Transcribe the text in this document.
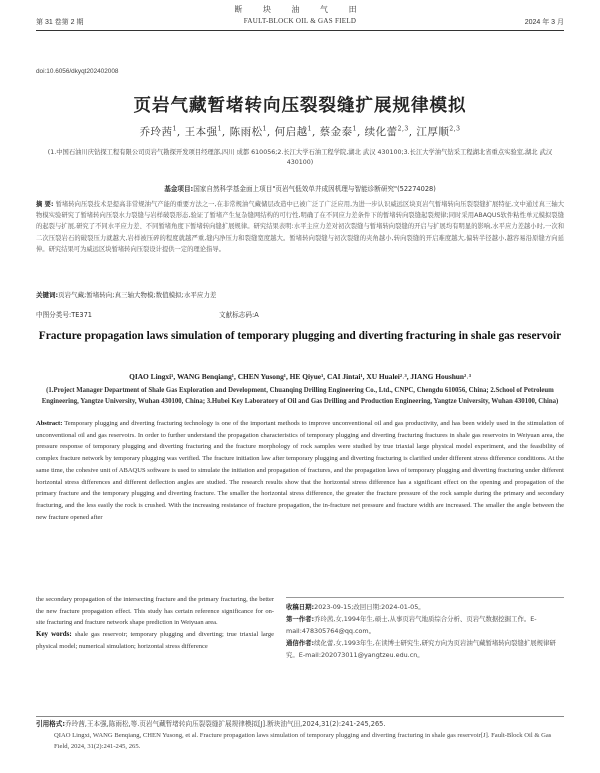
断 块 油 气 田
第 31 卷第 2 期	FAULT-BLOCK OIL & GAS FIELD	2024 年 3 月
doi:10.6056/dkyqt202402008
页岩气藏暂堵转向压裂裂缝扩展规律模拟
乔玲茜$^1$, 王本强$^1$, 陈雨松$^1$, 何启越$^1$, 蔡金泰$^1$, 续化蕾$^{2,3}$, 江厚顺$^{2,3}$
(1.中国石油川庆钻探工程有限公司页岩气勘探开发项目经理部,四川 成都 610056;2.长江大学石油工程学院,湖北 武汉 430100;3.长江大学油气钻采工程湖北省重点实验室,湖北 武汉 430100)
基金项目:国家自然科学基金面上项目"页岩气低效单井成因机理与智能诊断研究"(52274028)
摘 要: 暂堵转向压裂技术是提高非常规油气产能的重要方法之一,在非常规油气藏储层改造中已被广泛了广泛应用,为进一步认识威远区块页岩气暂堵转向压裂裂缝扩展特征,文中通过真三轴大物模实验研究了暂堵转向压裂水力裂缝与岩样破裂形态,验证了暂堵产生复杂缝网结构的可行性,明确了在不同应力差条件下的暂堵转向裂缝起裂规律;同时采用ABAQUS软件粘性单元模拟裂缝的起裂与扩展,研究了不同水平应力差、不同暂堵角度下暂堵转向缝扩展规律。研究结果表明:水平主应力差对初次裂缝与暂堵转向裂缝的开启与扩展均有明显的影响,水平应力差越小时,一次和二次压裂岩石的破裂压力就越大,岩样被压碎的程度就越严重,缝内净压力和裂缝宽度越大。暂堵转向裂缝与初次裂缝的夹角越小,转向裂缝的开启难度越大,偏转半径越小,越容易沿原缝方向延伸。研究结果可为威远区块暂堵转向压裂设计提供一定的理论指导。
关键词:页岩气藏;暂堵转向;真三轴大物模;数值模拟;水平应力差
中图分类号:TE371	文献标志码:A
Fracture propagation laws simulation of temporary plugging and diverting fracturing in shale gas reservoir
QIAO Lingxi¹, WANG Benqiang¹, CHEN Yusong¹, HE Qiyue¹, CAI Jintai¹, XU Hualei²˒³, JIANG Houshun²˒³
(1.Project Manager Department of Shale Gas Exploration and Development, Chuanqing Drilling Engineering Co., Ltd., CNPC, Chengdu 610056, China; 2.School of Petroleum Engineering, Yangtze University, Wuhan 430100, China; 3.Hubei Key Laboratory of Oil and Gas Drilling and Production Engineering, Yangtze University, Wuhan 430100, China)
Abstract: Temporary plugging and diverting fracturing technology is one of the important methods to improve unconventional oil and gas productivity, and has been widely used in the stimulation of unconventional oil and gas reservoirs. In order to further understand the propagation characteristics of temporary plugging and diverting fracturing fractures in shale gas reservoirs in Weiyuan area, the pressure response of temporary plugging and diverting fracturing and the fracture morphology of rock samples were studied by true triaxial large physical model experiment, and the feasibility of complex fracture network by temporary plugging was verified. The fracture initiation law after temporary plugging and diverting fracturing is clarified under different stress difference conditions. At the same time, the cohesive unit of ABAQUS software is used to simulate the initiation and propagation of fractures, and the propagation laws of temporary plugging and diverting fracturing under different horizontal stress differences and different deflection angles are studied. The research results show that the horizontal stress difference has a significant effect on the opening and propagation of the primary fracture and the temporary plugging and diverting fracture. The smaller the horizontal stress difference, the greater the fracture pressure of the rock sample during the primary and secondary fracturing, and the less easily the rock is crushed. With the increasing resistance of fracture propagation, the in-fracture net pressure and fracture width are increased. The smaller the angle between the new fracture opened after
the secondary propagation of the intersecting fracture and the primary fracturing, the better the new fracture propagation effect. This study has certain reference significance for on-site fracturing and fracture network shape prediction in Weiyuan area.
Key words: shale gas reservoir; temporary plugging and diverting; true triaxial large physical model; numerical simulation; horizontal stress difference
收稿日期:2023-09-15;改回日期:2024-01-05。
第一作者:乔玲茜,女,1994年生,硕士,从事页岩气地质综合分析、页岩气数据挖掘工作。E-mail:478305764@qq.com。
通信作者:续化蕾,女,1993年生,在读博士研究生,研究方向为页岩油气藏暂堵转向裂缝扩展规律研究。E-mail:202073011@yangtzeu.edu.cn。
引用格式:乔玲茜,王本强,陈雨松,等.页岩气藏暂堵转向压裂裂缝扩展规律模拟[J].断块油气田,2024,31(2):241-245,265.
QIAO Lingxi, WANG Benqiang, CHEN Yusong, et al. Fracture propagation laws simulation of temporary plugging and diverting fracturing in shale gas reservoir[J]. Fault-Block Oil & Gas Field, 2024, 31(2):241-245, 265.
